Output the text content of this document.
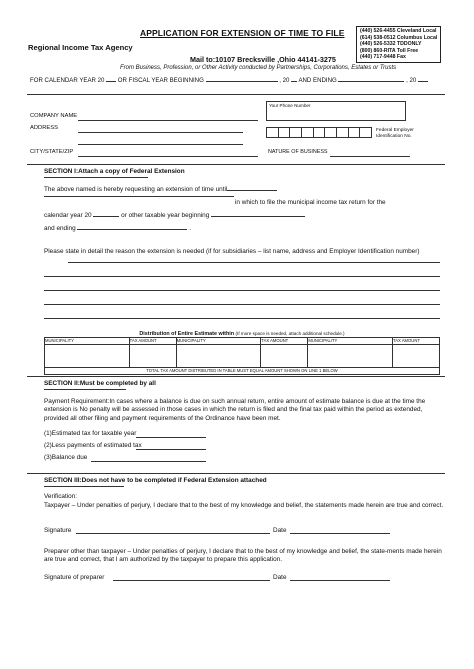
APPLICATION FOR EXTENSION OF TIME TO FILE	(440) 526-4455 Cleveland Local
(614) 538-0512 Columbus Local
(440) 526-5332 TDDONLY
(800) 860-RITA Toll Free
(440) 717-9448 Fax
Regional Income Tax Agency
Mail to:10107 Brecksville ,Ohio 44141-3275
From Business, Profession, or Other Activity conducted by Partnerships, Corporations, Estates or Trusts
FOR CALENDAR YEAR 20 OR FISCAL YEAR BEGINNING	, 20 AND ENDING	, 20
COMPANY NAME
ADDRESS
CITY/STATE/ZIP
Your Phone Number
Federal Employer Identification No.
NATURE OF BUSINESS
SECTION I:Attach a copy of Federal Extension
The above named is hereby requesting an extension of time until
in which to file the municipal income tax return for the
calendar year 20	or other taxable year beginning
and ending	.
Please state in detail the reason the extension is needed (if for subsidiaries – list name, address and Employer Identification number)
Distribution of Entire Estimate within (If more space is needed, attach additional schedule.)
MUNICIPALITY	TAX AMOUNT	MUNICIPALITY	TAX AMOUNT	MUNICIPALITY	TAX AMOUNT
TOTAL TAX AMOUNT DISTRIBUTED IN TABLE MUST EQUAL AMOUNT SHOWN ON LINE 1 BELOW
SECTION II:Must be completed by all
Payment Requirement:In cases where a balance is due on such annual return, entire amount of estimate balance is due at the time the extension is No penalty will be assessed in those cases in which the return is filed and the final tax paid within the period as extended, provided all other filing and payment requirements of the Ordinance have been met.
(1)Estimated tax for taxable year
(2)Less payments of estimated tax
(3)Balance due
SECTION III:Does not have to be completed if Federal Extension attached
Verification:
Taxpayer – Under penalties of perjury, I declare that to the best of my knowledge and belief, the statements made herein are true and correct.
Signature	Date
Preparer other than taxpayer – Under penalties of perjury, I declare that to the best of my knowledge and belief, the state-ments made herein are true and correct, that I am authorized by the taxpayer to prepare this application.
Signature of preparer	Date
